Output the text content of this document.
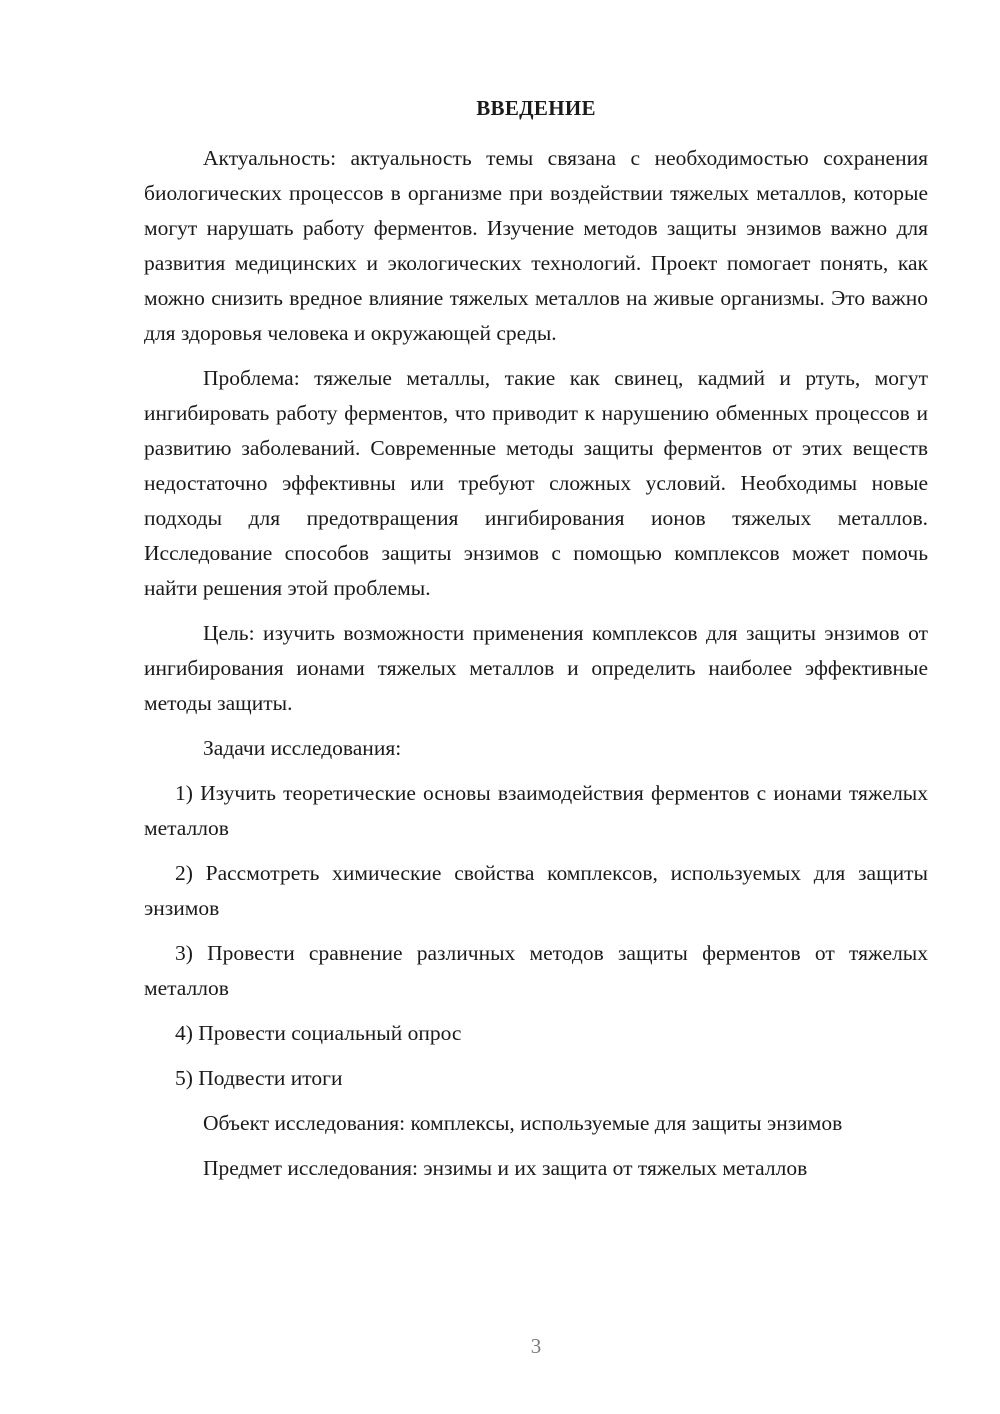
ВВЕДЕНИЕ

Актуальность: актуальность темы связана с необходимостью сохранения биологических процессов в организме при воздействии тяжелых металлов, которые могут нарушать работу ферментов. Изучение методов защиты энзимов важно для развития медицинских и экологических технологий. Проект помогает понять, как можно снизить вредное влияние тяжелых металлов на живые организмы. Это важно для здоровья человека и окружающей среды.

Проблема: тяжелые металлы, такие как свинец, кадмий и ртуть, могут ингибировать работу ферментов, что приводит к нарушению обменных процессов и развитию заболеваний. Современные методы защиты ферментов от этих веществ недостаточно эффективны или требуют сложных условий. Необходимы новые подходы для предотвращения ингибирования ионов тяжелых металлов. Исследование способов защиты энзимов с помощью комплексов может помочь найти решения этой проблемы.

Цель: изучить возможности применения комплексов для защиты энзимов от ингибирования ионами тяжелых металлов и определить наиболее эффективные методы защиты.

Задачи исследования:

1) Изучить теоретические основы взаимодействия ферментов с ионами тяжелых металлов

2) Рассмотреть химические свойства комплексов, используемых для защиты энзимов

3) Провести сравнение различных методов защиты ферментов от тяжелых металлов

4) Провести социальный опрос

5) Подвести итоги

Объект исследования: комплексы, используемые для защиты энзимов

Предмет исследования: энзимы и их защита от тяжелых металлов

3
